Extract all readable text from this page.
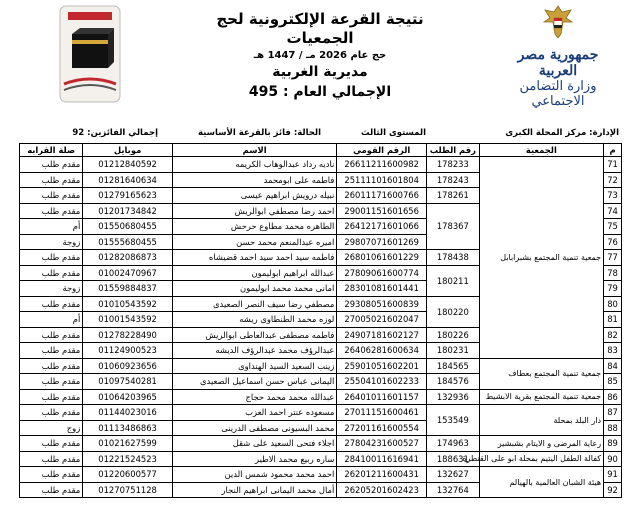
جمهورية مصر العربية
وزارة التضامن الاجتماعي
نتيجة القرعة الإلكترونية لحج الجمعيات
حج عام 2026 مـ / 1447 هـ
مديرية الغربية
الإجمالي العام : 495
الإدارة: مركز المحلة الكبرى
المستوى الثالث
الحالة: فائز بالقرعة الأساسية
إجمالي الفائزين: 92
م	الجمعية	رقم الطلب	الرقم القومي	الاسم	موبايل	صلة القرابه
71	جمعية تنمية المجتمع بشبرابابل	178233	26611211600982	ناديه رداد عبدالوهاب الكريمه	01212840592	مقدم طلب
72		178243	25111101601804	فاطمه على ابومحمد	01281640634	مقدم طلب
73		178261	26011171600766	نبيله درويش ابراهيم عيسى	01279165623	مقدم طلب
74		178367	29001151601656	احمد رضا مصطفي ابوالريش	01201734842	مقدم طلب
75			26412171601066	الطاهره محمد مطاوع حرحش	01550680455	أم
76			29807071601269	اميره عبدالمنعم محمد حسن	01555680455	زوجة
77		178438	26801061601229	فاطمه سيد احمد سيد احمد قضيشاه	01282086873	مقدم طلب
78		180211	27809061600774	عبدالله ابراهيم ابوليمون	01002470967	مقدم طلب
79			28301081601441	امانى محمد محمد ابوليمون	01559884837	زوجة
80		180220	29308051600839	مصطفي رضا سيف النصر الصعيدى	01010543592	مقدم طلب
81			27005021602047	لوزه محمد الطنطاوى ريشه	01001543592	أم
82		180226	24907181602127	فاطمه مصطفى عبدالعاطى ابوالريش	01278228490	مقدم طلب
83		180231	26406281600634	عبدالرؤف محمد عبدالرؤف الديشه	01124900523	مقدم طلب
84	جمعية تنمية المجتمع بعطاف	184565	25901051602201	زينب السعيد السيد الهنداوى	01060923656	مقدم طلب
85		184576	25504101602233	اليمانى عباس حسن اسماعيل الصعيدى	01097540281	مقدم طلب
86	جمعية تنمية المجتمع بقرية الابشيط	132936	26401011601157	عبدالله محمد محمد حجاج	01064203965	مقدم طلب
87	دار البلد بمحلة	153549	27011151600461	مسعوده عنتر احمد العزب	01144023016	مقدم طلب
88			27201161600554	محمد البسيونى مصطفى الدرينى	01113486863	زوج
89	رعاية المرضى و الايتام بشبشير	174963	27804231600527	اجلاء فتحى السعيد على شقل	01021627599	مقدم طلب
90	كفالة الطفل اليتيم بمحلة ابو على القنطرة	188631	28410011616941	ساره ربيع محمد الاطير	01221524523	مقدم طلب
91	هيئة الشبان العالمية بالهيالم	132627	26201211600431	احمد محمد محمود شمس الدين	01220600577	مقدم طلب
92		132764	26205201602423	أمال محمد اليمانى ابراهيم النجار	01270751128	مقدم طلب
